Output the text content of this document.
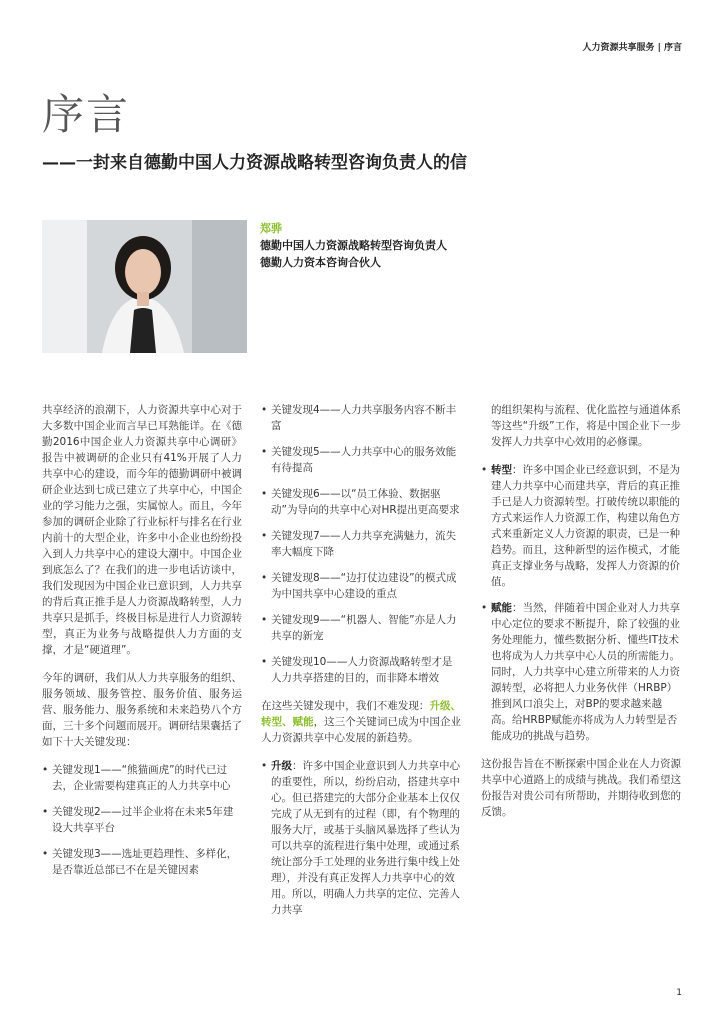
人力资源共享服务 | 序言
序言
——一封来自德勤中国人力资源战略转型咨询负责人的信
郑骅
德勤中国人力资源战略转型咨询负责人
德勤人力资本咨询合伙人

共享经济的浪潮下，人力资源共享中心对于大多数中国企业而言早已耳熟能详。在《德勤2016中国企业人力资源共享中心调研》报告中被调研的企业只有41%开展了人力共享中心的建设，而今年的德勤调研中被调研企业达到七成已建立了共享中心，中国企业的学习能力之强，实属惊人。而且，今年参加的调研企业除了行业标杆与排名在行业内前十的大型企业，许多中小企业也纷纷投入到人力共享中心的建设大潮中。中国企业到底怎么了？在我们的进一步电话访谈中，我们发现因为中国企业已意识到，人力共享的背后真正推手是人力资源战略转型，人力共享只是抓手，终极目标是进行人力资源转型，真正为业务与战略提供人力方面的支撑，才是“硬道理”。

今年的调研，我们从人力共享服务的组织、服务领域、服务管控、服务价值、服务运营、服务能力、服务系统和未来趋势八个方面，三十多个问题而展开。调研结果囊括了如下十大关键发现：

• 关键发现1——“熊猫画虎”的时代已过去，企业需要构建真正的人力共享中心
• 关键发现2——过半企业将在未来5年建设大共享平台
• 关键发现3——选址更趋理性、多样化，是否靠近总部已不在是关键因素
• 关键发现4——人力共享服务内容不断丰富
• 关键发现5——人力共享中心的服务效能有待提高
• 关键发现6——以“员工体验、数据驱动”为导向的共享中心对HR提出更高要求
• 关键发现7——人力共享充满魅力，流失率大幅度下降
• 关键发现8——“边打仗边建设”的模式成为中国共享中心建设的重点
• 关键发现9——“机器人、智能”亦是人力共享的新宠
• 关键发现10——人力资源战略转型才是人力共享搭建的目的，而非降本增效

在这些关键发现中，我们不难发现：升级、转型、赋能，这三个关键词已成为中国企业人力资源共享中心发展的新趋势。

• 升级：许多中国企业意识到人力共享中心的重要性，所以，纷纷启动，搭建共享中心。但已搭建完的大部分企业基本上仅仅完成了从无到有的过程（即，有个物理的服务大厅，或基于头脑风暴选择了些认为可以共享的流程进行集中处理，或通过系统让部分手工处理的业务进行集中线上处理），并没有真正发挥人力共享中心的效用。所以，明确人力共享的定位、完善人力共享

的组织架构与流程、优化监控与通道体系等这些“升级”工作，将是中国企业下一步发挥人力共享中心效用的必修课。

• 转型：许多中国企业已经意识到，不是为建人力共享中心而建共享，背后的真正推手已是人力资源转型。打破传统以职能的方式来运作人力资源工作，构建以角色方式来重新定义人力资源的职责，已是一种趋势。而且，这种新型的运作模式，才能真正支撑业务与战略，发挥人力资源的价值。
• 赋能：当然，伴随着中国企业对人力共享中心定位的要求不断提升，除了较强的业务处理能力，懂些数据分析、懂些IT技术也将成为人力共享中心人员的所需能力。同时，人力共享中心建立所带来的人力资源转型，必将把人力业务伙伴（HRBP）推到风口浪尖上，对BP的要求越来越高。给HRBP赋能亦将成为人力转型是否能成功的挑战与趋势。

这份报告旨在不断探索中国企业在人力资源共享中心道路上的成绩与挑战。我们希望这份报告对贵公司有所帮助，并期待收到您的反馈。

1
